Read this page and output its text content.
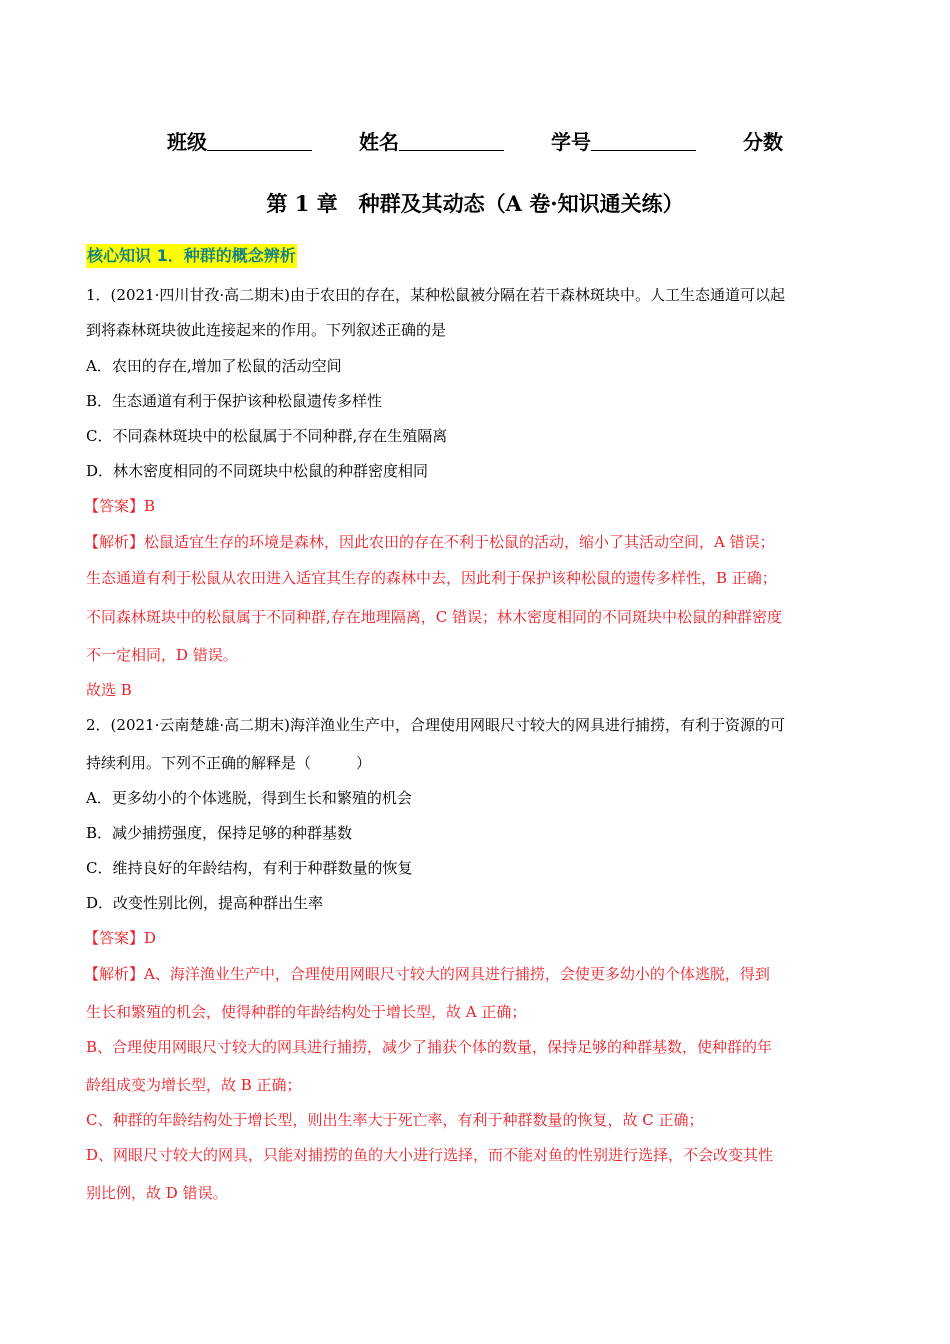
班级	姓名	学号	分数
第 1 章　种群及其动态（A 卷·知识通关练）
核心知识 1．种群的概念辨析
1．(2021·四川甘孜·高二期末)由于农田的存在，某种松鼠被分隔在若干森林斑块中。人工生态通道可以起
到将森林斑块彼此连接起来的作用。下列叙述正确的是
A．农田的存在,增加了松鼠的活动空间
B．生态通道有利于保护该种松鼠遗传多样性
C．不同森林斑块中的松鼠属于不同种群,存在生殖隔离
D．林木密度相同的不同斑块中松鼠的种群密度相同
【答案】B
【解析】松鼠适宜生存的环境是森林，因此农田的存在不利于松鼠的活动，缩小了其活动空间，A 错误；
生态通道有利于松鼠从农田进入适宜其生存的森林中去，因此利于保护该种松鼠的遗传多样性，B 正确；
不同森林斑块中的松鼠属于不同种群,存在地理隔离，C 错误；林木密度相同的不同斑块中松鼠的种群密度
不一定相同，D 错误。
故选 B
2．(2021·云南楚雄·高二期末)海洋渔业生产中，合理使用网眼尺寸较大的网具进行捕捞，有利于资源的可
持续利用。下列不正确的解释是（　　　）
A．更多幼小的个体逃脱，得到生长和繁殖的机会
B．减少捕捞强度，保持足够的种群基数
C．维持良好的年龄结构，有利于种群数量的恢复
D．改变性别比例，提高种群出生率
【答案】D
【解析】A、海洋渔业生产中，合理使用网眼尺寸较大的网具进行捕捞，会使更多幼小的个体逃脱，得到
生长和繁殖的机会，使得种群的年龄结构处于增长型，故 A 正确；
B、合理使用网眼尺寸较大的网具进行捕捞，减少了捕获个体的数量，保持足够的种群基数，使种群的年
龄组成变为增长型，故 B 正确；
C、种群的年龄结构处于增长型，则出生率大于死亡率，有利于种群数量的恢复，故 C 正确；
D、网眼尺寸较大的网具，只能对捕捞的鱼的大小进行选择，而不能对鱼的性别进行选择，不会改变其性
别比例，故 D 错误。
